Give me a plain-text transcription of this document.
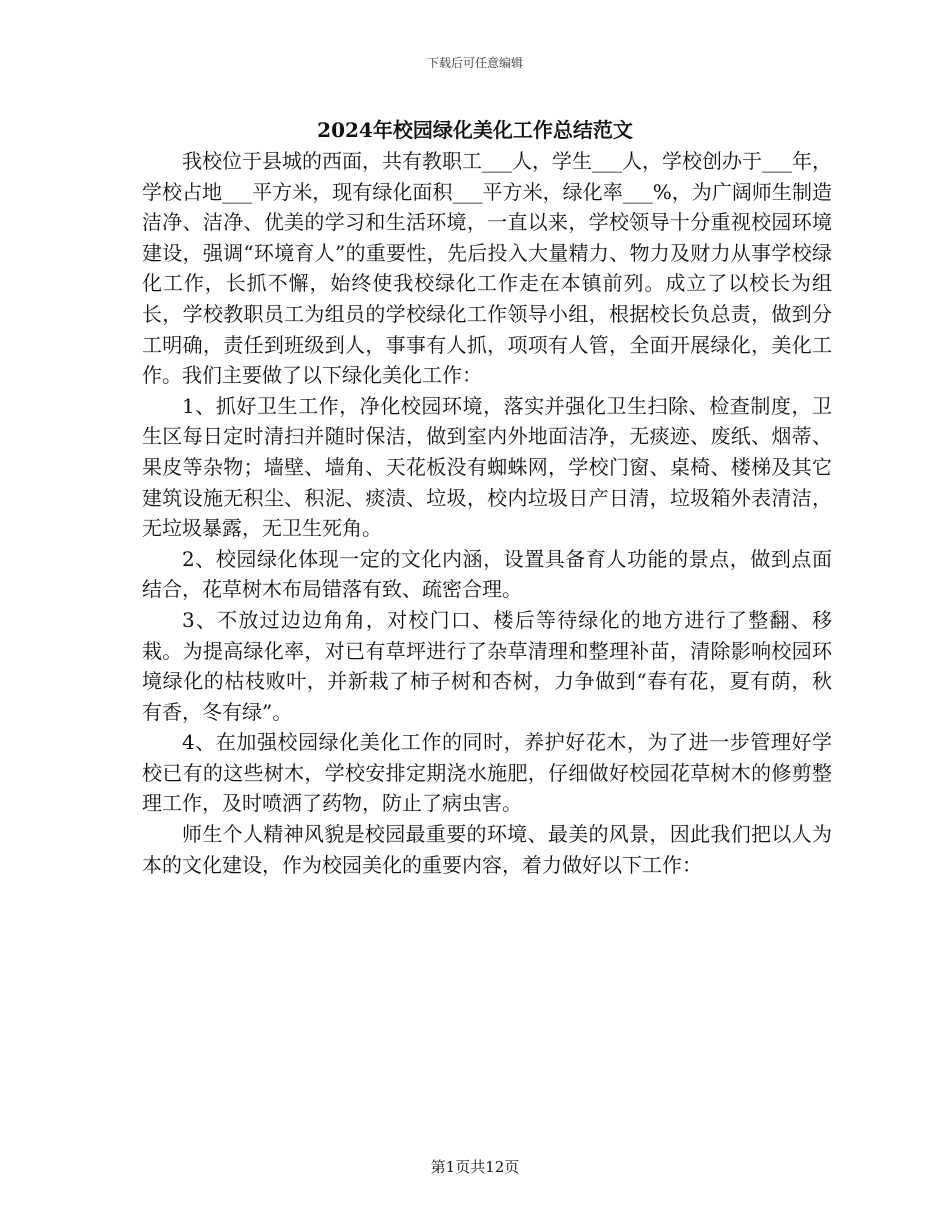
下载后可任意编辑
2024年校园绿化美化工作总结范文

我校位于县城的西面，共有教职工___人，学生___人，学校创办于___年，学校占地___平方米，现有绿化面积___平方米，绿化率___%，为广阔师生制造洁净、洁净、优美的学习和生活环境，一直以来，学校领导十分重视校园环境建设，强调“环境育人”的重要性，先后投入大量精力、物力及财力从事学校绿化工作，长抓不懈，始终使我校绿化工作走在本镇前列。成立了以校长为组长，学校教职员工为组员的学校绿化工作领导小组，根据校长负总责，做到分工明确，责任到班级到人，事事有人抓，项项有人管，全面开展绿化，美化工作。我们主要做了以下绿化美化工作：

1、抓好卫生工作，净化校园环境，落实并强化卫生扫除、检查制度，卫生区每日定时清扫并随时保洁，做到室内外地面洁净，无痰迹、废纸、烟蒂、果皮等杂物；墙壁、墙角、天花板没有蜘蛛网，学校门窗、桌椅、楼梯及其它建筑设施无积尘、积泥、痰渍、垃圾，校内垃圾日产日清，垃圾箱外表清洁，无垃圾暴露，无卫生死角。

2、校园绿化体现一定的文化内涵，设置具备育人功能的景点，做到点面结合，花草树木布局错落有致、疏密合理。

3、不放过边边角角，对校门口、楼后等待绿化的地方进行了整翻、移栽。为提高绿化率，对已有草坪进行了杂草清理和整理补苗，清除影响校园环境绿化的枯枝败叶，并新栽了柿子树和杏树，力争做到“春有花，夏有荫，秋有香，冬有绿”。

4、在加强校园绿化美化工作的同时，养护好花木，为了进一步管理好学校已有的这些树木，学校安排定期浇水施肥，仔细做好校园花草树木的修剪整理工作，及时喷洒了药物，防止了病虫害。

师生个人精神风貌是校园最重要的环境、最美的风景，因此我们把以人为本的文化建设，作为校园美化的重要内容，着力做好以下工作：

第1页共12页
